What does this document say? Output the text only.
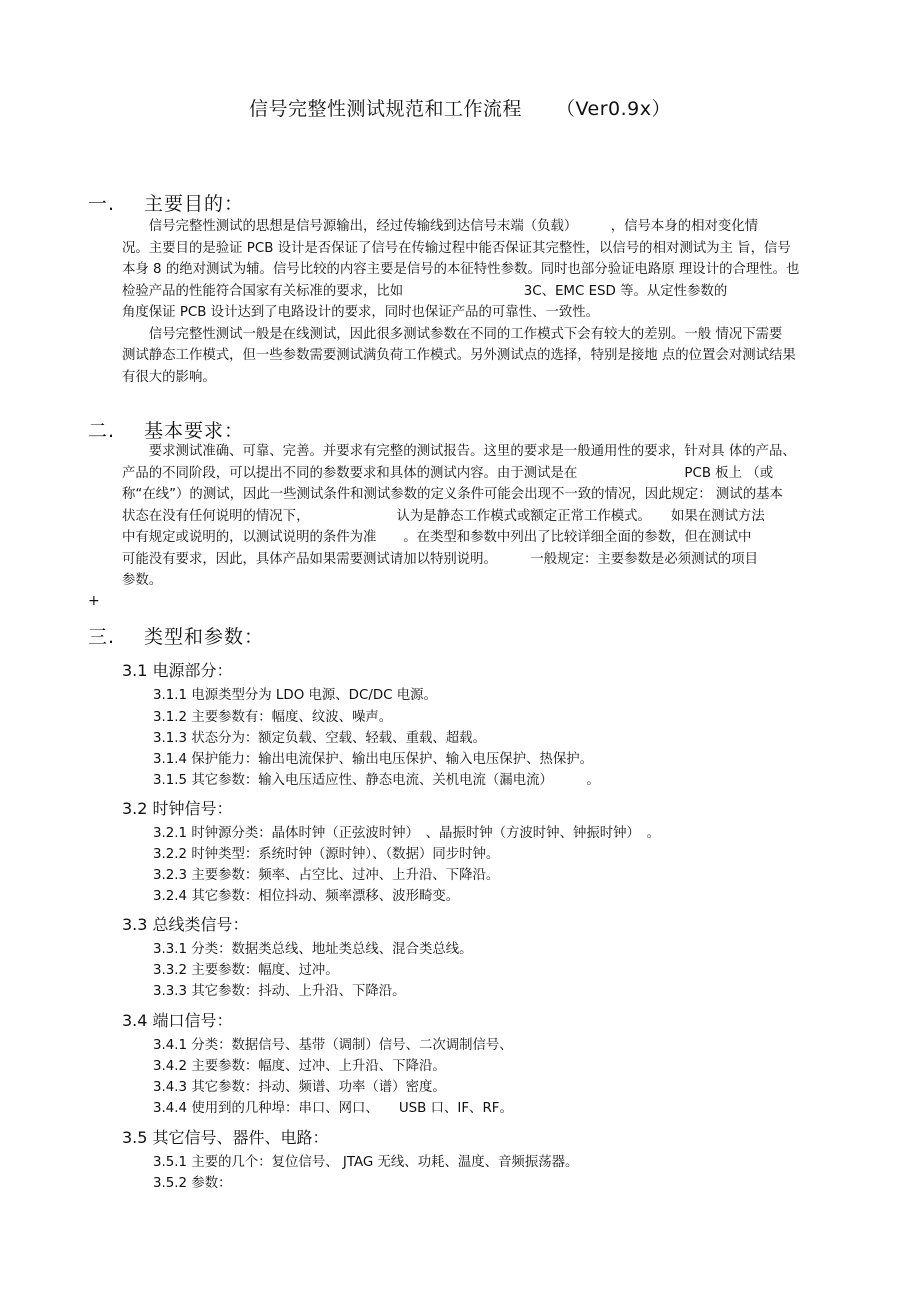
信号完整性测试规范和工作流程 （Ver0.9x）
一. 主要目的：
　　信号完整性测试的思想是信号源输出，经过传输线到达信号末端（负载）　　　，信号本身的相对变化情
况。主要目的是验证 PCB 设计是否保证了信号在传输过程中能否保证其完整性，以信号的相对测试为主 旨，信号
本身 8 的绝对测试为辅。信号比较的内容主要是信号的本征特性参数。同时也部分验证电路原 理设计的合理性。也
检验产品的性能符合国家有关标准的要求，比如　　　　　　　　　3C、EMC ESD 等。从定性参数的
角度保证 PCB 设计达到了电路设计的要求，同时也保证产品的可靠性、一致性。
　　信号完整性测试一般是在线测试，因此很多测试参数在不同的工作模式下会有较大的差别。一般 情况下需要
测试静态工作模式，但一些参数需要测试满负荷工作模式。另外测试点的选择，特别是接地 点的位置会对测试结果
有很大的影响。
二. 基本要求：
　　要求测试准确、可靠、完善。并要求有完整的测试报告。这里的要求是一般通用性的要求，针对具 体的产品、
产品的不同阶段，可以提出不同的参数要求和具体的测试内容。由于测试是在　　　　　　　　PCB 板上 （或
称“在线”）的测试，因此一些测试条件和测试参数的定义条件可能会出现不一致的情况，因此规定： 测试的基本
状态在没有任何说明的情况下，　　　　　　　认为是静态工作模式或额定正常工作模式。　　如果在测试方法
中有规定或说明的，以测试说明的条件为准　　。在类型和参数中列出了比较详细全面的参数，但在测试中
可能没有要求，因此，具体产品如果需要测试请加以特别说明。　　　一般规定：主要参数是必须测试的项目
参数。
+
三. 类型和参数：
3.1 电源部分：
3.1.1 电源类型分为 LDO 电源、DC/DC 电源。
3.1.2 主要参数有：幅度、纹波、噪声。
3.1.3 状态分为：额定负载、空载、轻载、重载、超载。
3.1.4 保护能力：输出电流保护、输出电压保护、输入电压保护、热保护。
3.1.5 其它参数：输入电压适应性、静态电流、关机电流（漏电流）　　　。
3.2 时钟信号：
3.2.1 时钟源分类：晶体时钟（正弦波时钟）　、晶振时钟（方波时钟、钟振时钟）　。
3.2.2 时钟类型：系统时钟（源时钟）、（数据）同步时钟。
3.2.3 主要参数：频率、占空比、过冲、上升沿、下降沿。
3.2.4 其它参数：相位抖动、频率漂移、波形畸变。
3.3 总线类信号：
3.3.1 分类：数据类总线、地址类总线、混合类总线。
3.3.2 主要参数：幅度、过冲。
3.3.3 其它参数：抖动、上升沿、下降沿。
3.4 端口信号：
3.4.1 分类：数据信号、基带（调制）信号、二次调制信号、
3.4.2 主要参数：幅度、过冲、上升沿、下降沿。
3.4.3 其它参数：抖动、频谱、功率（谱）密度。
3.4.4 使用到的几种埠：串口、网口、　　USB 口、IF、RF。
3.5 其它信号、器件、电路：
3.5.1 主要的几个：复位信号、 JTAG 无线、功耗、温度、音频振荡器。
3.5.2 参数：
